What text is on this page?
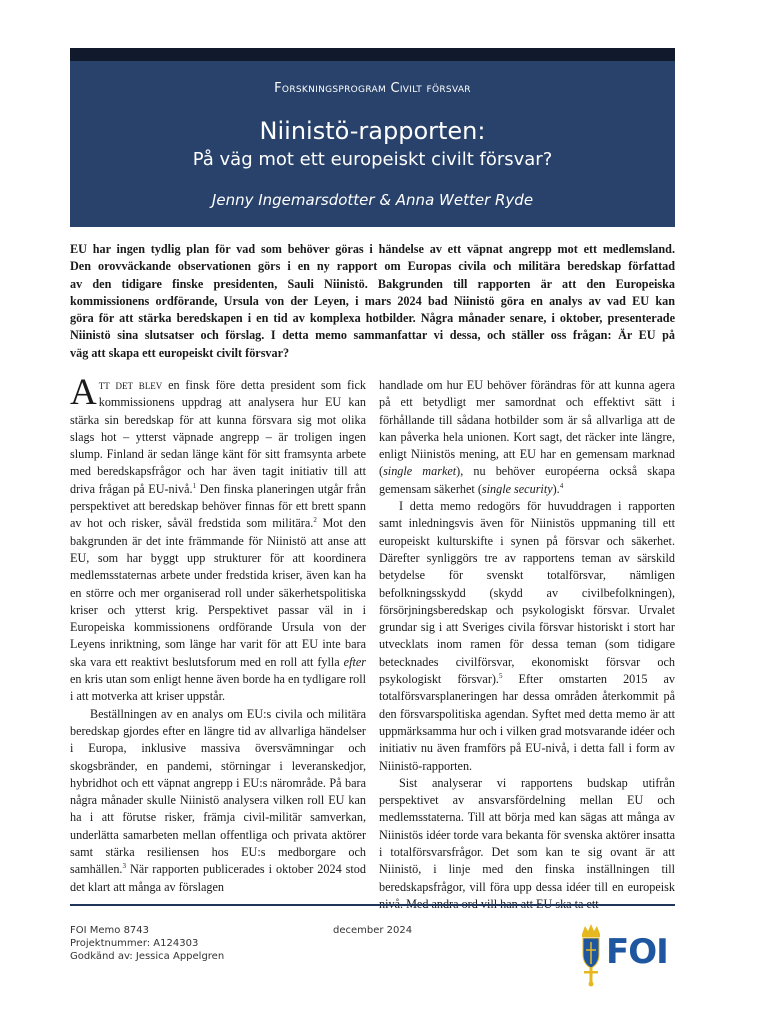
Forskningsprogram Civilt försvar
Niinistö-rapporten:
På väg mot ett europeiskt civilt försvar?
Jenny Ingemarsdotter & Anna Wetter Ryde
EU har ingen tydlig plan för vad som behöver göras i händelse av ett väpnat angrepp mot ett medlemsland.
Den orovväckande observationen görs i en ny rapport om Europas civila och militära beredskap författad
av den tidigare finske presidenten, Sauli Niinistö. Bakgrunden till rapporten är att den Europeiska
kommissionens ordförande, Ursula von der Leyen, i mars 2024 bad Niinistö göra en analys av vad EU kan
göra för att stärka beredskapen i en tid av komplexa hotbilder. Några månader senare, i oktober, presenterade
Niinistö sina slutsatser och förslag. I detta memo sammanfattar vi dessa, och ställer oss frågan: Är EU på
väg att skapa ett europeiskt civilt försvar?

Att det blev en finsk före detta president som fick kommissionens uppdrag att analysera hur EU kan stärka sin beredskap för att kunna försvara sig mot olika slags hot – ytterst väpnade angrepp – är troligen ingen slump. Finland är sedan länge känt för sitt framsynta arbete med beredskapsfrågor och har även tagit initiativ till att driva frågan på EU-nivå.$^1$ Den finska planeringen utgår från perspektivet att beredskap behöver finnas för ett brett spann av hot och risker, såväl fredstida som militära.$^2$ Mot den bakgrunden är det inte främmande för Niinistö att anse att EU, som har byggt upp strukturer för att koordinera medlemsstaternas arbete under fredstida kriser, även kan ha en större och mer organiserad roll under säkerhetspolitiska kriser och ytterst krig. Perspektivet passar väl in i Europeiska kommissionens ordförande Ursula von der Leyens inriktning, som länge har varit för att EU inte bara ska vara ett reaktivt beslutsforum med en roll att fylla efter en kris utan som enligt henne även borde ha en tydligare roll i att motverka att kriser uppstår.

Beställningen av en analys om EU:s civila och militära beredskap gjordes efter en längre tid av allvarliga händelser i Europa, inklusive massiva översvämningar och skogsbränder, en pandemi, störningar i leveranskedjor, hybridhot och ett väpnat angrepp i EU:s närområde. På bara några månader skulle Niinistö analysera vilken roll EU kan ha i att förutse risker, främja civil-militär samverkan, underlätta samarbeten mellan offentliga och privata aktörer samt stärka resiliensen hos EU:s medborgare och samhällen.$^3$ När rapporten publicerades i oktober 2024 stod det klart att många av förslagen

handlade om hur EU behöver förändras för att kunna agera på ett betydligt mer samordnat och effektivt sätt i förhållande till sådana hotbilder som är så allvarliga att de kan påverka hela unionen. Kort sagt, det räcker inte längre, enligt Niinistös mening, att EU har en gemensam marknad (single market), nu behöver européerna också skapa gemensam säkerhet (single security).$^4$

I detta memo redogörs för huvuddragen i rapporten samt inledningsvis även för Niinistös uppmaning till ett europeiskt kulturskifte i synen på försvar och säkerhet. Därefter synliggörs tre av rapportens teman av särskild betydelse för svenskt totalförsvar, nämligen befolkningsskydd (skydd av civilbefolkningen), försörjningsberedskap och psykologiskt försvar. Urvalet grundar sig i att Sveriges civila försvar historiskt i stort har utvecklats inom ramen för dessa teman (som tidigare betecknades civilförsvar, ekonomiskt försvar och psykologiskt försvar).$^5$ Efter omstarten 2015 av totalförsvarsplaneringen har dessa områden återkommit på den försvarspolitiska agendan. Syftet med detta memo är att uppmärksamma hur och i vilken grad motsvarande idéer och initiativ nu även framförs på EU-nivå, i detta fall i form av Niinistö-rapporten.

Sist analyserar vi rapportens budskap utifrån perspektivet av ansvarsfördelning mellan EU och medlemsstaterna. Till att börja med kan sägas att många av Niinistös idéer torde vara bekanta för svenska aktörer insatta i totalförsvarsfrågor. Det som kan te sig ovant är att Niinistö, i linje med den finska inställningen till beredskapsfrågor, vill föra upp dessa idéer till en europeisk

FOI Memo 8743
Projektnummer: A124303
Godkänd av: Jessica Appelgren
december 2024
FOI
